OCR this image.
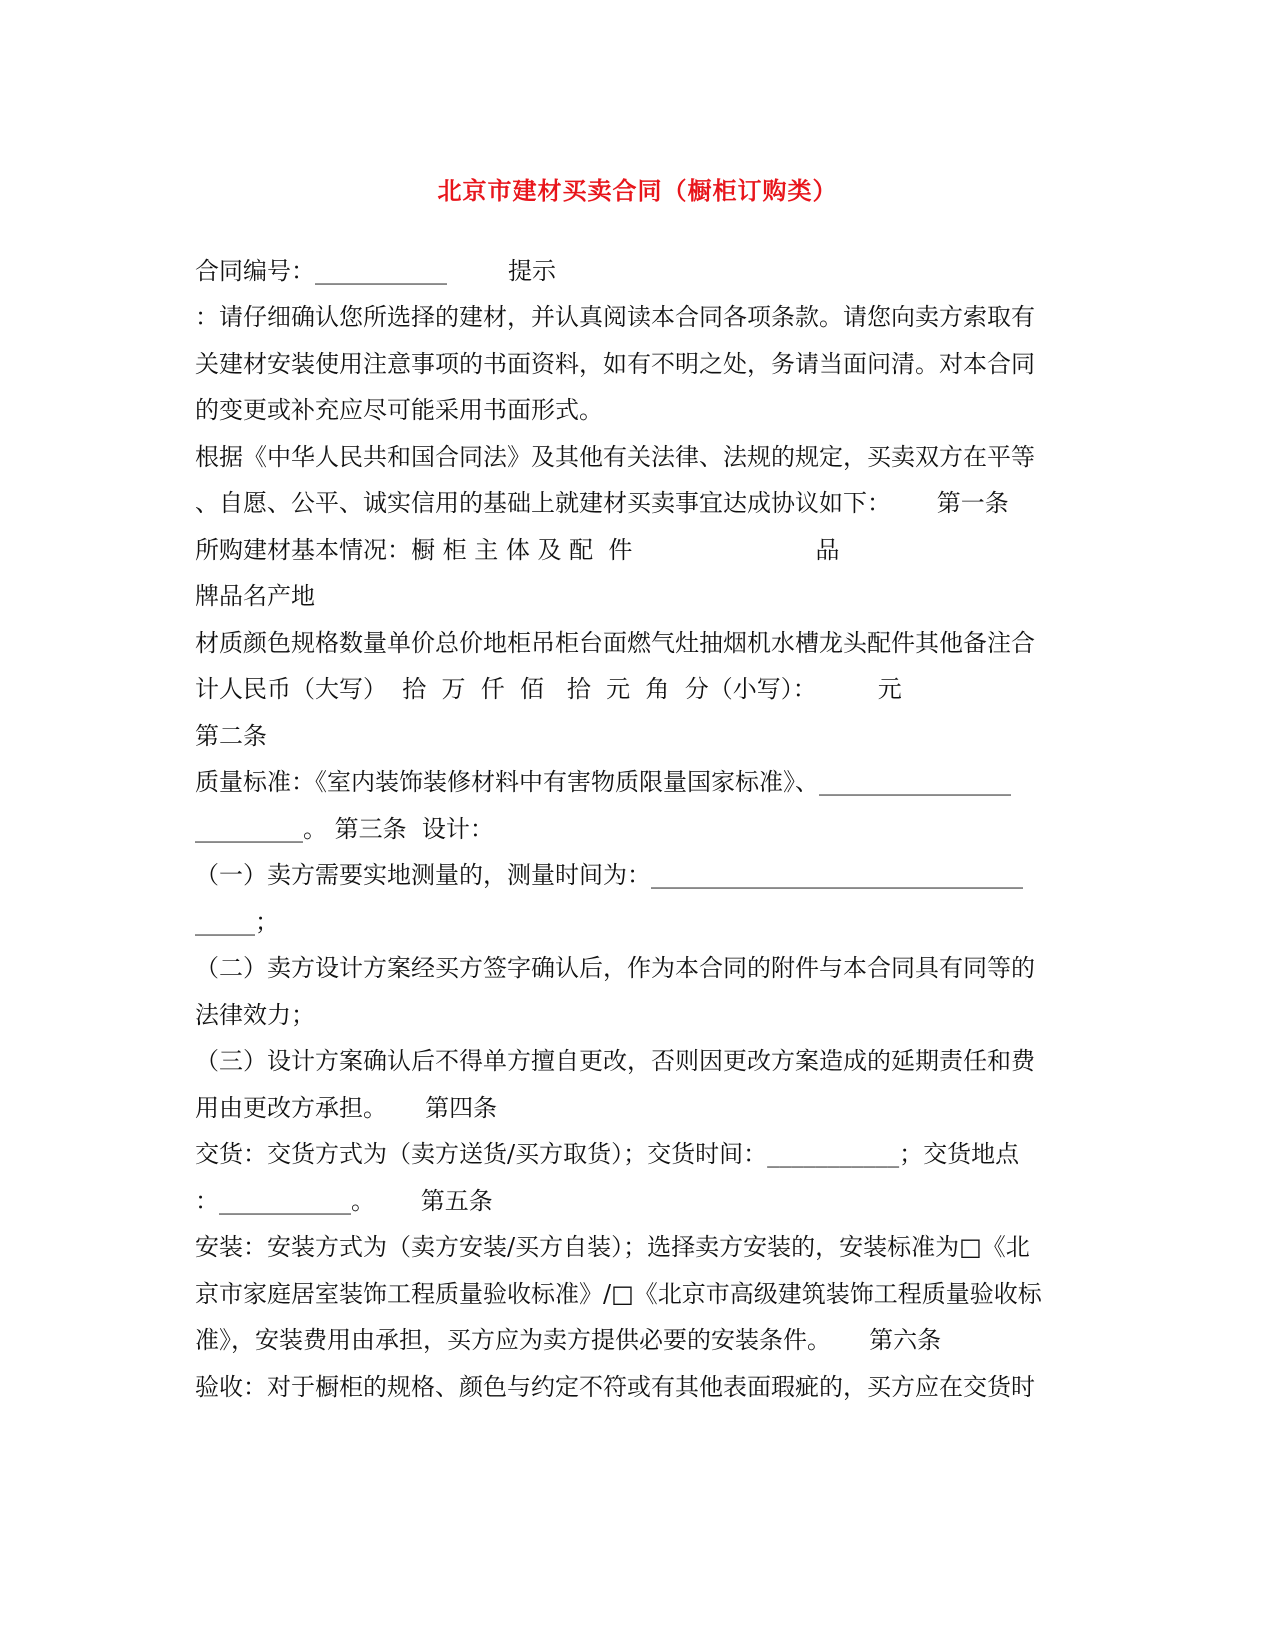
北京市建材买卖合同（橱柜订购类）

合同编号：___________        提示

：请仔细确认您所选择的建材，并认真阅读本合同各项条款。请您向卖方索取有

关建材安装使用注意事项的书面资料，如有不明之处，务请当面问清。对本合同

的变更或补充应尽可能采用书面形式。

根据《中华人民共和国合同法》及其他有关法律、法规的规定，买卖双方在平等

、自愿、公平、诚实信用的基础上就建材买卖事宜达成协议如下：      第一条

所购建材基本情况：橱 柜 主 体 及 配  件                        品

牌品名产地

材质颜色规格数量单价总价地柜吊柜台面燃气灶抽烟机水槽龙头配件其他备注合

计人民币（大写）  拾  万  仟  佰   拾  元  角  分（小写）：        元

第二条

质量标准：《室内装饰装修材料中有害物质限量国家标准》、________________

_________。 第三条  设计：

（一）卖方需要实地测量的，测量时间为：_______________________________

_____；

（二）卖方设计方案经买方签字确认后，作为本合同的附件与本合同具有同等的

法律效力；

（三）设计方案确认后不得单方擅自更改，否则因更改方案造成的延期责任和费

用由更改方承担。     第四条

交货：交货方式为（卖方送货/买方取货）；交货时间：___________；交货地点

：___________。      第五条

安装：安装方式为（卖方安装/买方自装）；选择卖方安装的，安装标准为□《北

京市家庭居室装饰工程质量验收标准》/□《北京市高级建筑装饰工程质量验收标

准》，安装费用由承担，买方应为卖方提供必要的安装条件。     第六条

验收：对于橱柜的规格、颜色与约定不符或有其他表面瑕疵的，买方应在交货时
